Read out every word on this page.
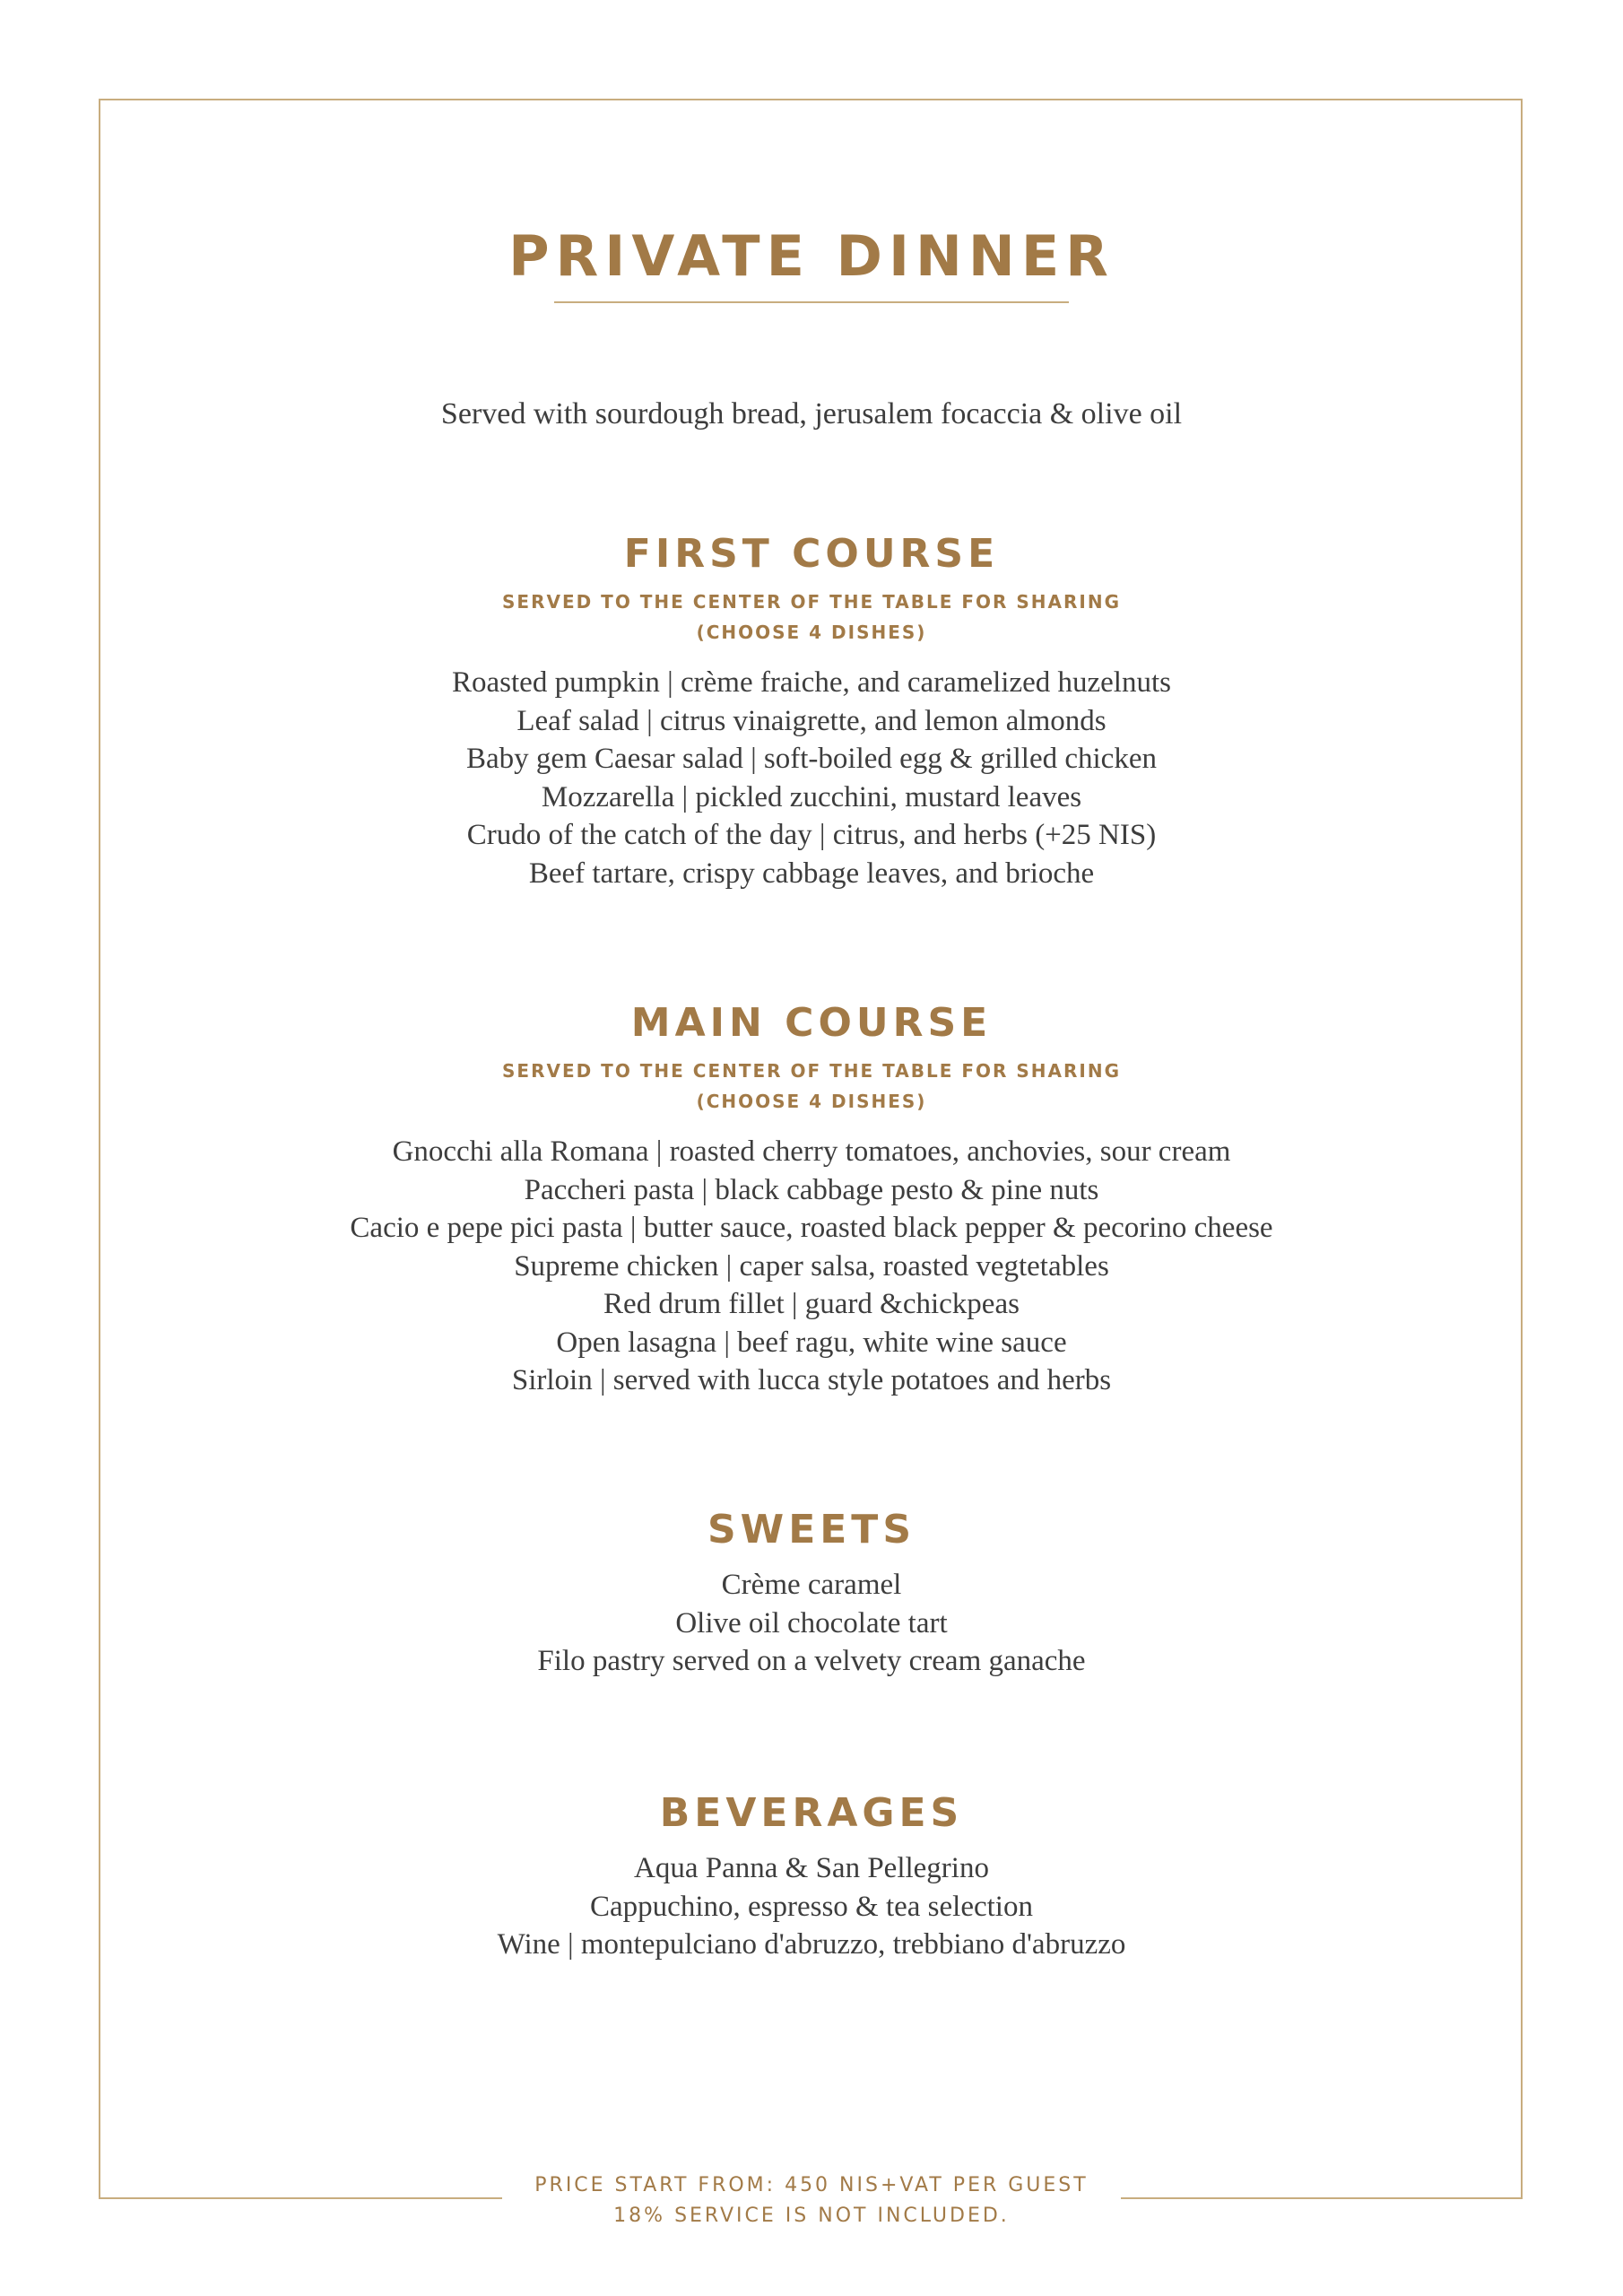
PRIVATE DINNER

Served with sourdough bread, jerusalem focaccia & olive oil

FIRST COURSE

SERVED TO THE CENTER OF THE TABLE FOR SHARING

(CHOOSE 4 DISHES)

Roasted pumpkin | crème fraiche, and caramelized huzelnuts
Leaf salad | citrus vinaigrette, and lemon almonds
Baby gem Caesar salad | soft-boiled egg & grilled chicken
Mozzarella | pickled zucchini, mustard leaves
Crudo of the catch of the day | citrus, and herbs (+25 NIS)
Beef tartare, crispy cabbage leaves, and brioche
MAIN COURSE

SERVED TO THE CENTER OF THE TABLE FOR SHARING

(CHOOSE 4 DISHES)

Gnocchi alla Romana | roasted cherry tomatoes, anchovies, sour cream
Paccheri pasta | black cabbage pesto & pine nuts
Cacio e pepe pici pasta | butter sauce, roasted black pepper & pecorino cheese
Supreme chicken | caper salsa, roasted vegtetables
Red drum fillet | guard &chickpeas
Open lasagna | beef ragu, white wine sauce
Sirloin | served with lucca style potatoes and herbs
SWEETS
Crème caramel
Olive oil chocolate tart
Filo pastry served on a velvety cream ganache
BEVERAGES
Aqua Panna & San Pellegrino
Cappuchino, espresso & tea selection
Wine | montepulciano d'abruzzo, trebbiano d'abruzzo
PRICE START FROM: 450 NIS+VAT PER GUEST
18% SERVICE IS NOT INCLUDED.
